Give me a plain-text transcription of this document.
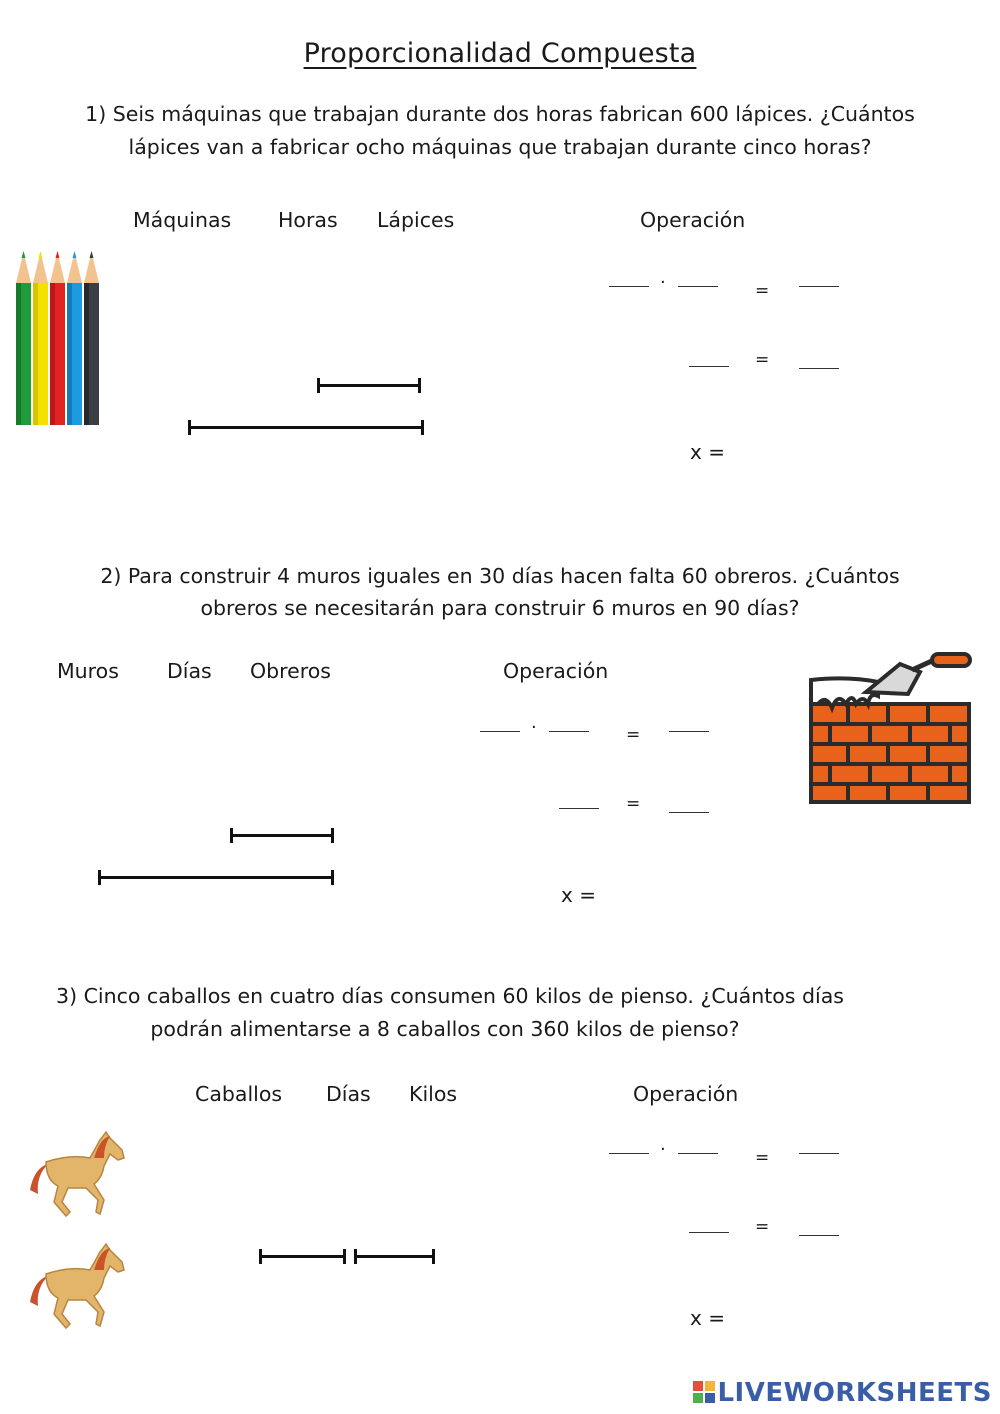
Proporcionalidad Compuesta
1) Seis máquinas que trabajan durante dos horas fabrican 600 lápices. ¿Cuántos
lápices van a fabricar ocho máquinas que trabajan durante cinco horas?
Máquinas Horas Lápices	Operación
·	=
=
x =
2) Para construir 4 muros iguales en 30 días hacen falta 60 obreros. ¿Cuántos
obreros se necesitarán para construir 6 muros en 90 días?
Muros Días Obreros	Operación
·	=
=
x =
3) Cinco caballos en cuatro días consumen 60 kilos de pienso. ¿Cuántos días
podrán alimentarse a 8 caballos con 360 kilos de pienso?
Caballos Días Kilos	Operación
·	=
=
x =
LIVEWORKSHEETS
